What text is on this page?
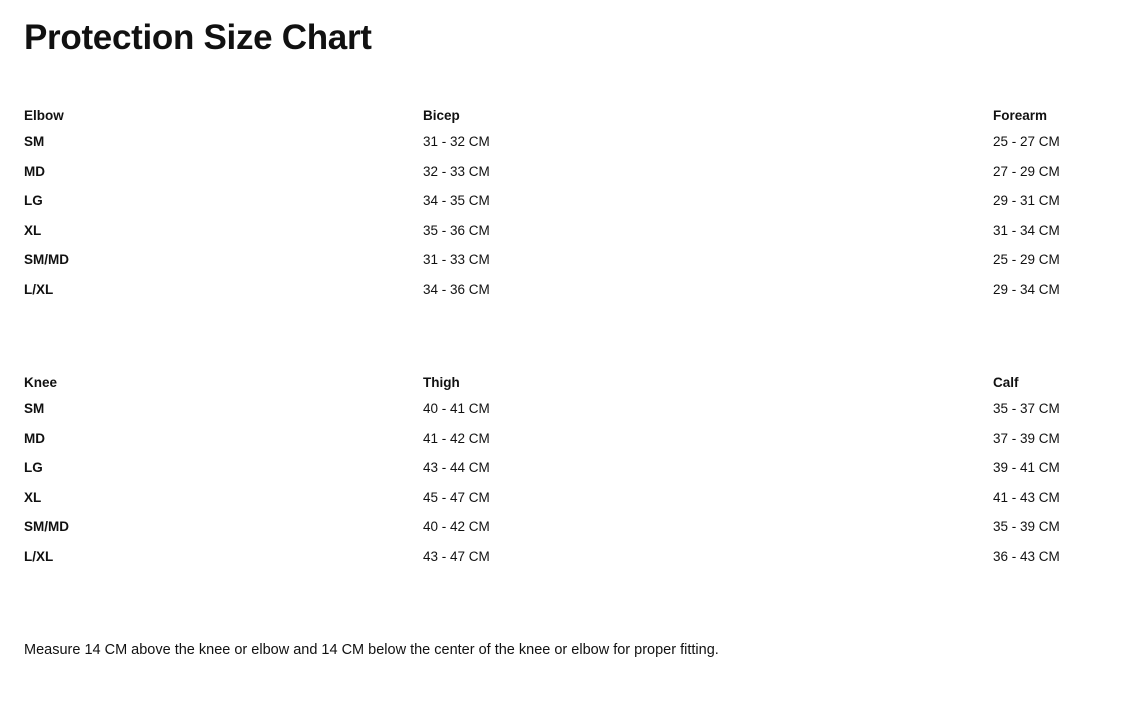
Protection Size Chart
Elbow	Bicep	Forearm
SM	31 - 32 CM	25 - 27 CM
MD	32 - 33 CM	27 - 29 CM
LG	34 - 35 CM	29 - 31 CM
XL	35 - 36 CM	31 - 34 CM
SM/MD	31 - 33 CM	25 - 29 CM
L/XL	34 - 36 CM	29 - 34 CM
Knee	Thigh	Calf
SM	40 - 41 CM	35 - 37 CM
MD	41 - 42 CM	37 - 39 CM
LG	43 - 44 CM	39 - 41 CM
XL	45 - 47 CM	41 - 43 CM
SM/MD	40 - 42 CM	35 - 39 CM
L/XL	43 - 47 CM	36 - 43 CM
Measure 14 CM above the knee or elbow and 14 CM below the center of the knee or elbow for proper fitting.
